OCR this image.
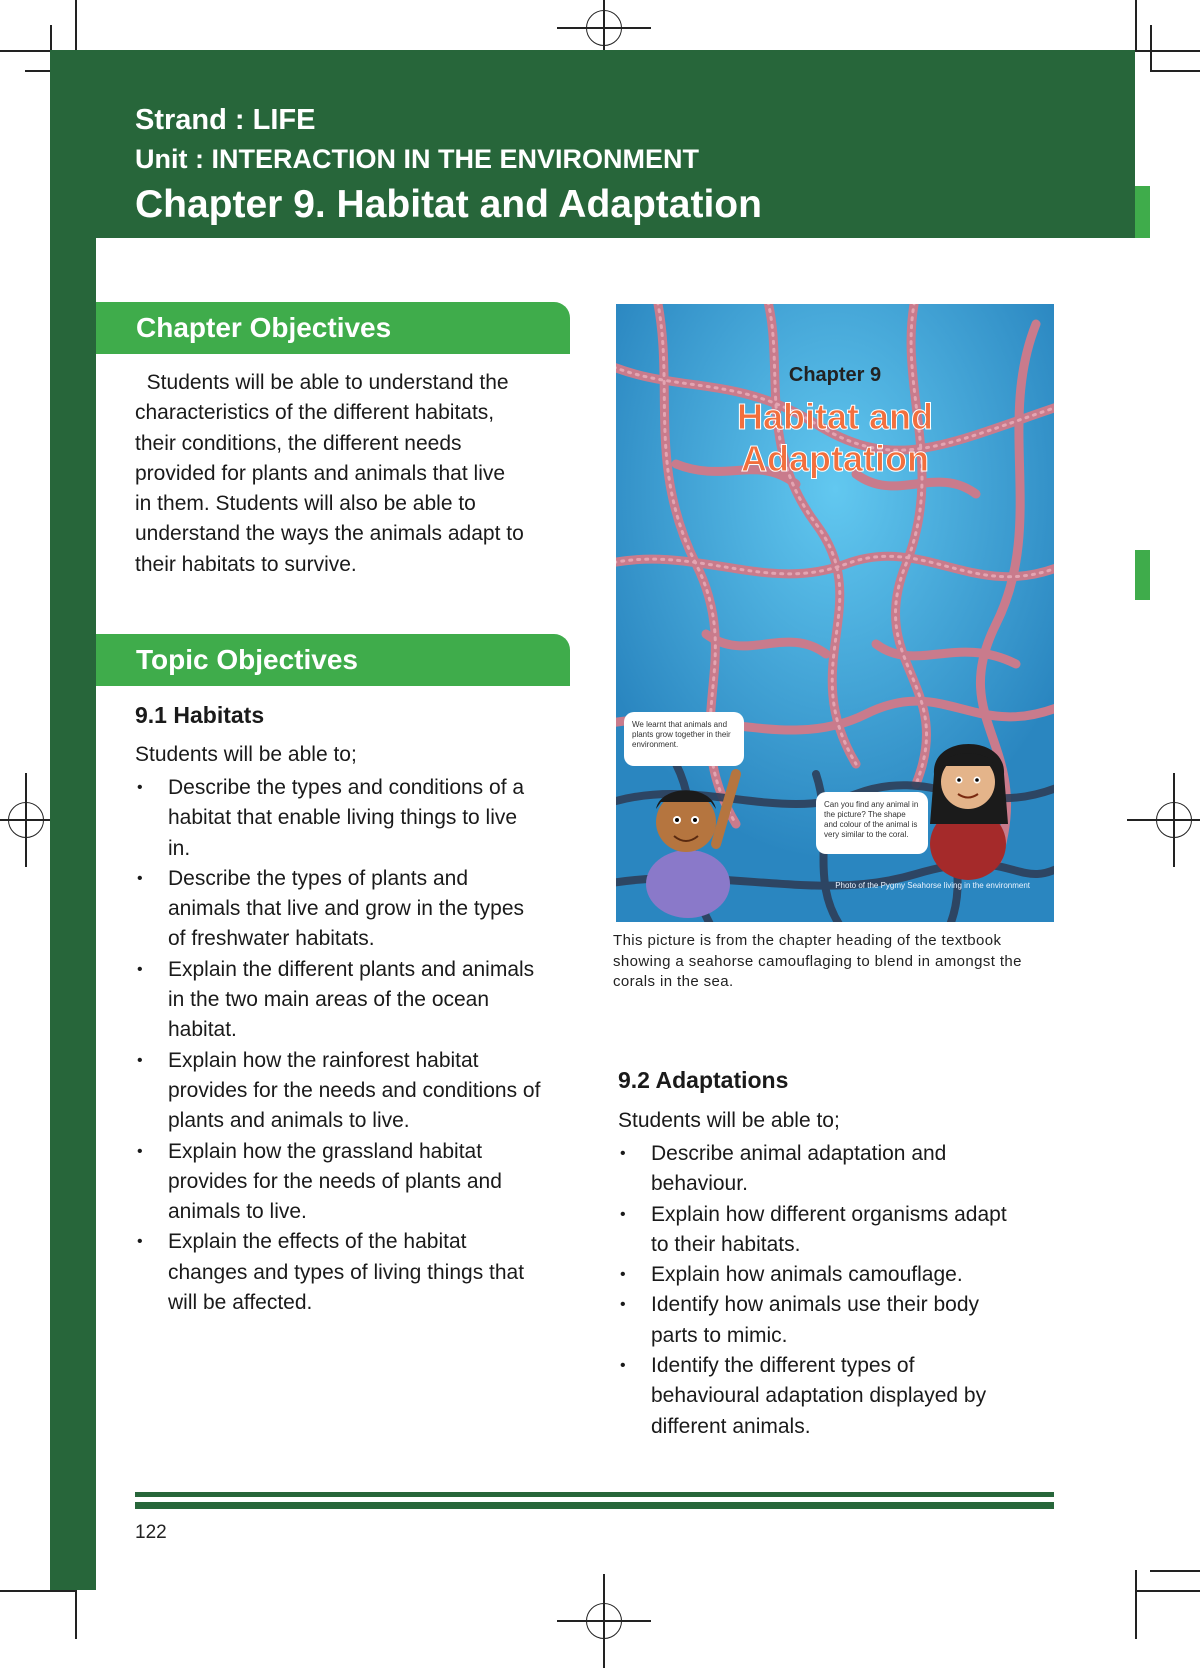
Strand : LIFE
Unit : INTERACTION IN THE ENVIRONMENT
Chapter 9. Habitat and Adaptation
Chapter Objectives
Students will be able to understand the
characteristics of the different habitats,
their conditions, the different needs
provided for plants and animals that live
in them. Students will also be able to
understand the ways the animals adapt to
their habitats to survive.
Topic Objectives
9.1 Habitats
Students will be able to;
• Describe the types and conditions of a
habitat that enable living things to live
in.
• Describe the types of plants and
animals that live and grow in the types
of freshwater habitats.
• Explain the different plants and animals
in the two main areas of the ocean
habitat.
• Explain how the rainforest habitat
provides for the needs and conditions of
plants and animals to live.
• Explain how the grassland habitat
provides for the needs of plants and
animals to live.
• Explain the effects of the habitat
changes and types of living things that
will be affected.
Chapter 9
Habitat and
Adaptation
We learnt that animals and plants grow together in their environment.
Can you find any animal in the picture? The shape and colour of the animal is very similar to the coral.
Photo of the Pygmy Seahorse living in the environment
This picture is from the chapter heading of the textbook
showing a seahorse camouflaging to blend in amongst the
corals in the sea.
9.2 Adaptations
Students will be able to;
• Describe animal adaptation and
behaviour.
• Explain how different organisms adapt
to their habitats.
• Explain how animals camouflage.
• Identify how animals use their body
parts to mimic.
• Identify the different types of
behavioural adaptation displayed by
different animals.
122
